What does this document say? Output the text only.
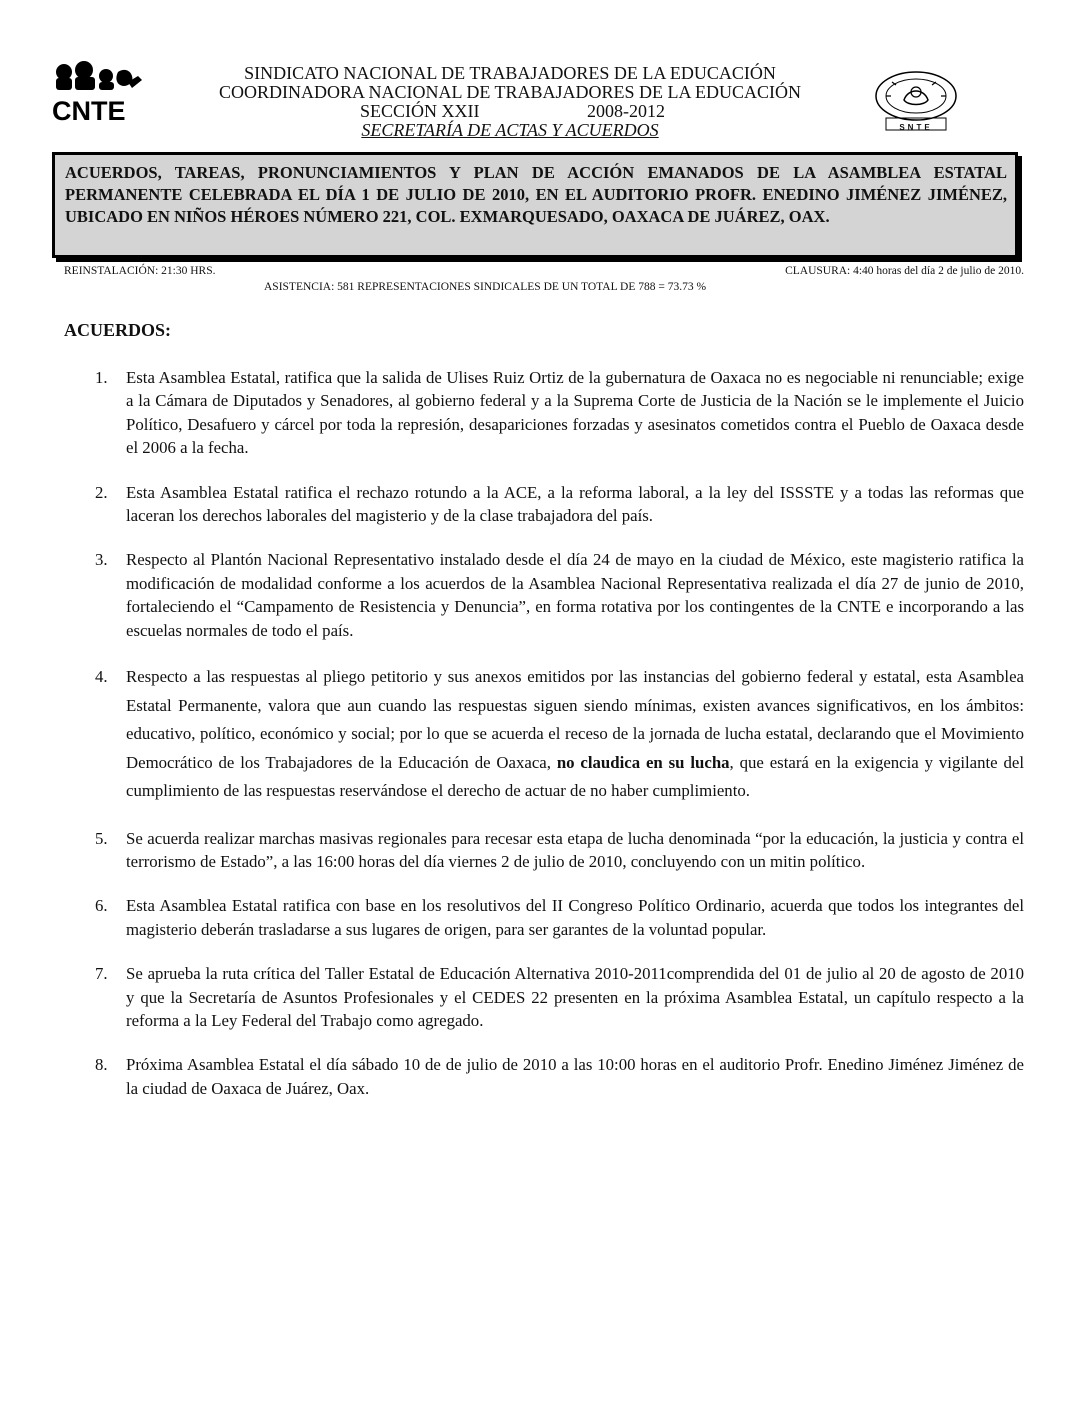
CNTE
SINDICATO NACIONAL DE TRABAJADORES DE LA EDUCACIÓN
COORDINADORA NACIONAL DE TRABAJADORES DE LA EDUCACIÓN
SECCIÓN XXII	2008-2012
SECRETARÍA DE ACTAS Y ACUERDOS	SNTE

ACUERDOS, TAREAS, PRONUNCIAMIENTOS Y PLAN DE ACCIÓN EMANADOS DE LA ASAMBLEA ESTATAL PERMANENTE CELEBRADA EL DÍA 1 DE JULIO DE 2010, EN EL AUDITORIO PROFR. ENEDINO JIMÉNEZ JIMÉNEZ, UBICADO EN NIÑOS HÉROES NÚMERO 221, COL. EXMARQUESADO, OAXACA DE JUÁREZ, OAX.

REINSTALACIÓN: 21:30 HRS.	CLAUSURA: 4:40 horas del día 2 de julio de 2010.
ASISTENCIA: 581 REPRESENTACIONES SINDICALES DE UN TOTAL DE 788 = 73.73 %
ACUERDOS:
1. Esta Asamblea Estatal, ratifica que la salida de Ulises Ruiz Ortiz de la gubernatura de Oaxaca no es negociable ni renunciable; exige a la Cámara de Diputados y Senadores, al gobierno federal y a la Suprema Corte de Justicia de la Nación se le implemente el Juicio Político, Desafuero y cárcel por toda la represión, desapariciones forzadas y asesinatos cometidos contra el Pueblo de Oaxaca desde el 2006 a la fecha.
2. Esta Asamblea Estatal ratifica el rechazo rotundo a la ACE, a la reforma laboral, a la ley del ISSSTE y a todas las reformas que laceran los derechos laborales del magisterio y de la clase trabajadora del país.
3. Respecto al Plantón Nacional Representativo instalado desde el día 24 de mayo en la ciudad de México, este magisterio ratifica la modificación de modalidad conforme a los acuerdos de la Asamblea Nacional Representativa realizada el día 27 de junio de 2010, fortaleciendo el “Campamento de Resistencia y Denuncia”, en forma rotativa por los contingentes de la CNTE e incorporando a las escuelas normales de todo el país.
4. Respecto a las respuestas al pliego petitorio y sus anexos emitidos por las instancias del gobierno federal y estatal, esta Asamblea Estatal Permanente, valora que aun cuando las respuestas siguen siendo mínimas, existen avances significativos, en los ámbitos: educativo, político, económico y social; por lo que se acuerda el receso de la jornada de lucha estatal, declarando que el Movimiento Democrático de los Trabajadores de la Educación de Oaxaca, no claudica en su lucha, que estará en la exigencia y vigilante del cumplimiento de las respuestas reservándose el derecho de actuar de no haber cumplimiento.
5. Se acuerda realizar marchas masivas regionales para recesar esta etapa de lucha denominada “por la educación, la justicia y contra el terrorismo de Estado”, a las 16:00 horas del día viernes 2 de julio de 2010, concluyendo con un mitin político.
6. Esta Asamblea Estatal ratifica con base en los resolutivos del II Congreso Político Ordinario, acuerda que todos los integrantes del magisterio deberán trasladarse a sus lugares de origen, para ser garantes de la voluntad popular.
7. Se aprueba la ruta crítica del Taller Estatal de Educación Alternativa 2010-2011comprendida del 01 de julio al 20 de agosto de 2010 y que la Secretaría de Asuntos Profesionales y el CEDES 22 presenten en la próxima Asamblea Estatal, un capítulo respecto a la reforma a la Ley Federal del Trabajo como agregado.
8. Próxima Asamblea Estatal el día sábado 10 de de julio de 2010 a las 10:00 horas en el auditorio Profr. Enedino Jiménez Jiménez de la ciudad de Oaxaca de Juárez, Oax.
